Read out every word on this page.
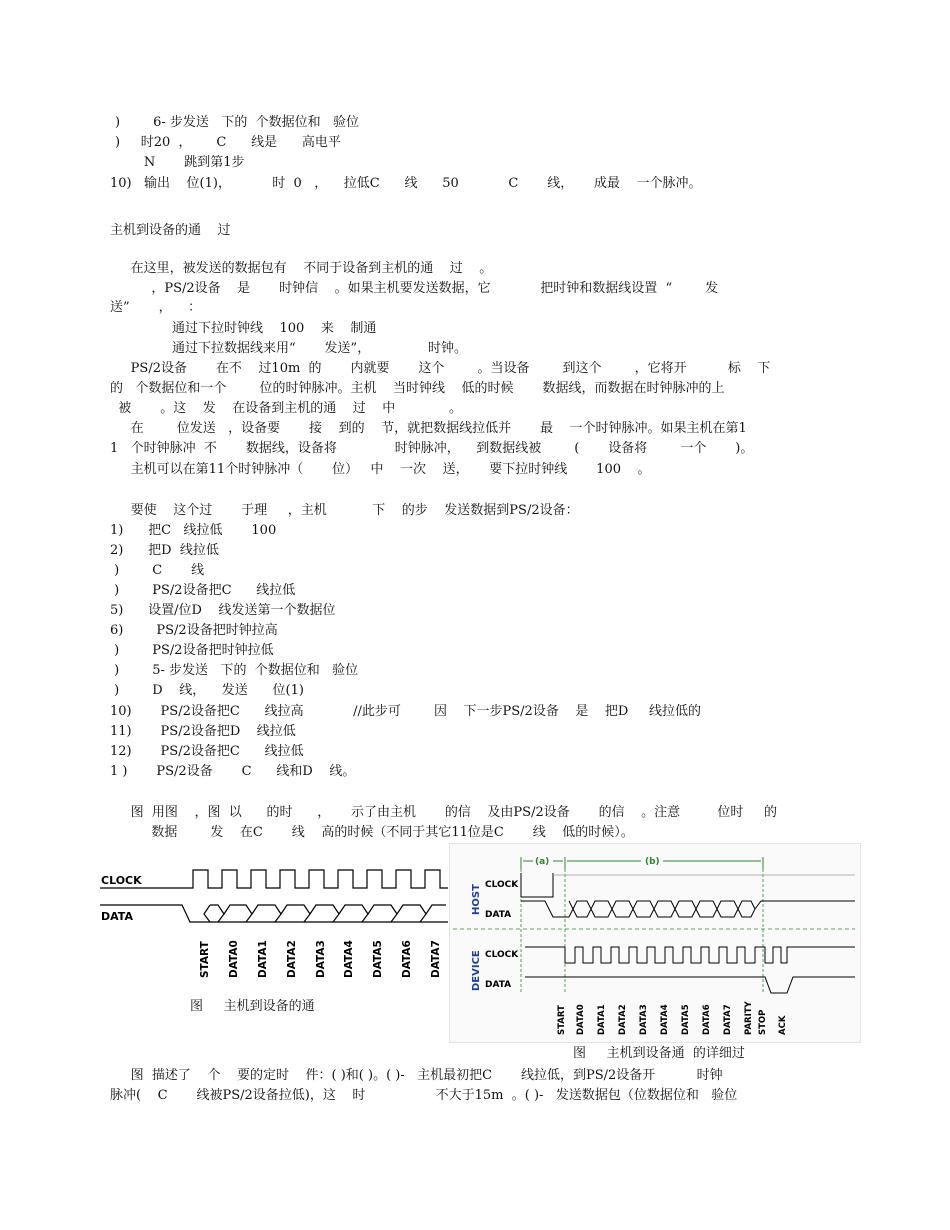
)        6- 步发送   下的  个数据位和   验位
)     时20  ，      C      线是      高电平
N       跳到第1步
10)   输出    位(1)，          时  0   ，    拉低C      线      50            C       线，     成最    一个脉冲。
主机到设备的通    过
在这里，被发送的数据包有    不同于设备到主机的通    过    。
，PS/2设备    是       时钟信    。如果主机要发送数据，它            把时钟和数据线设置  “        发
送”       ，    ：
通过下拉时钟线    100    来    制通
通过下拉数据线来用“       发送”，              时钟。
PS/2设备       在不    过10m  的       内就要       这个        。当设备        到这个        ，它将开          标    下
的   个数据位和一个        位的时钟脉冲。主机    当时钟线    低的时候       数据线，而数据在时钟脉冲的上
被       。这    发    在设备到主机的通    过    中             。
在        位发送   ，设备要       接    到的    节，就把数据线拉低并       最    一个时钟脉冲。如果主机在第1
1   个时钟脉冲  不       数据线，设备将              时钟脉冲，    到数据线被        (       设备将        一个       )。
主机可以在第11个时钟脉冲（       位）   中    一次    送，     要下拉时钟线       100    。
要使    这个过       于理     ，主机           下    的步    发送数据到PS/2设备：
1)      把C   线拉低       100
2)      把D  线拉低
)        C       线
)        PS/2设备把C      线拉低
5)      设置/位D    线发送第一个数据位
6)        PS/2设备把时钟拉高
)        PS/2设备把时钟拉低
)        5- 步发送   下的  个数据位和   验位
)        D    线，    发送      位(1)
10)       PS/2设备把C      线拉高            //此步可        因    下一步PS/2设备    是    把D     线拉低的
11)       PS/2设备把D    线拉低
12)       PS/2设备把C      线拉低
1 )       PS/2设备       C      线和D    线。
图  用图    ，图  以      的时      ，     示了由主机       的信    及由PS/2设备       的信    。注意         位时     的
数据        发    在C       线    高的时候（不同于其它11位是C       线    低的时候）。
CLOCK
DATA
START DATA0 DATA1 DATA2 DATA3 DATA4 DATA5 DATA6 DATA7
图     主机到设备的通
(a)	(b)
HOST
DEVICE
CLOCK
DATA
CLOCK
DATA
START DATA0 DATA1 DATA2 DATA3 DATA4 DATA5 DATA6 DATA7 PARITY STOP ACK
图     主机到设备通  的详细过
图  描述了    个    要的定时    件：( )和( )。( )-   主机最初把C       线拉低，到PS/2设备开          时钟
脉冲(    C       线被PS/2设备拉低)，这    时                 不大于15m  。( )-   发送数据包（位数据位和   验位
